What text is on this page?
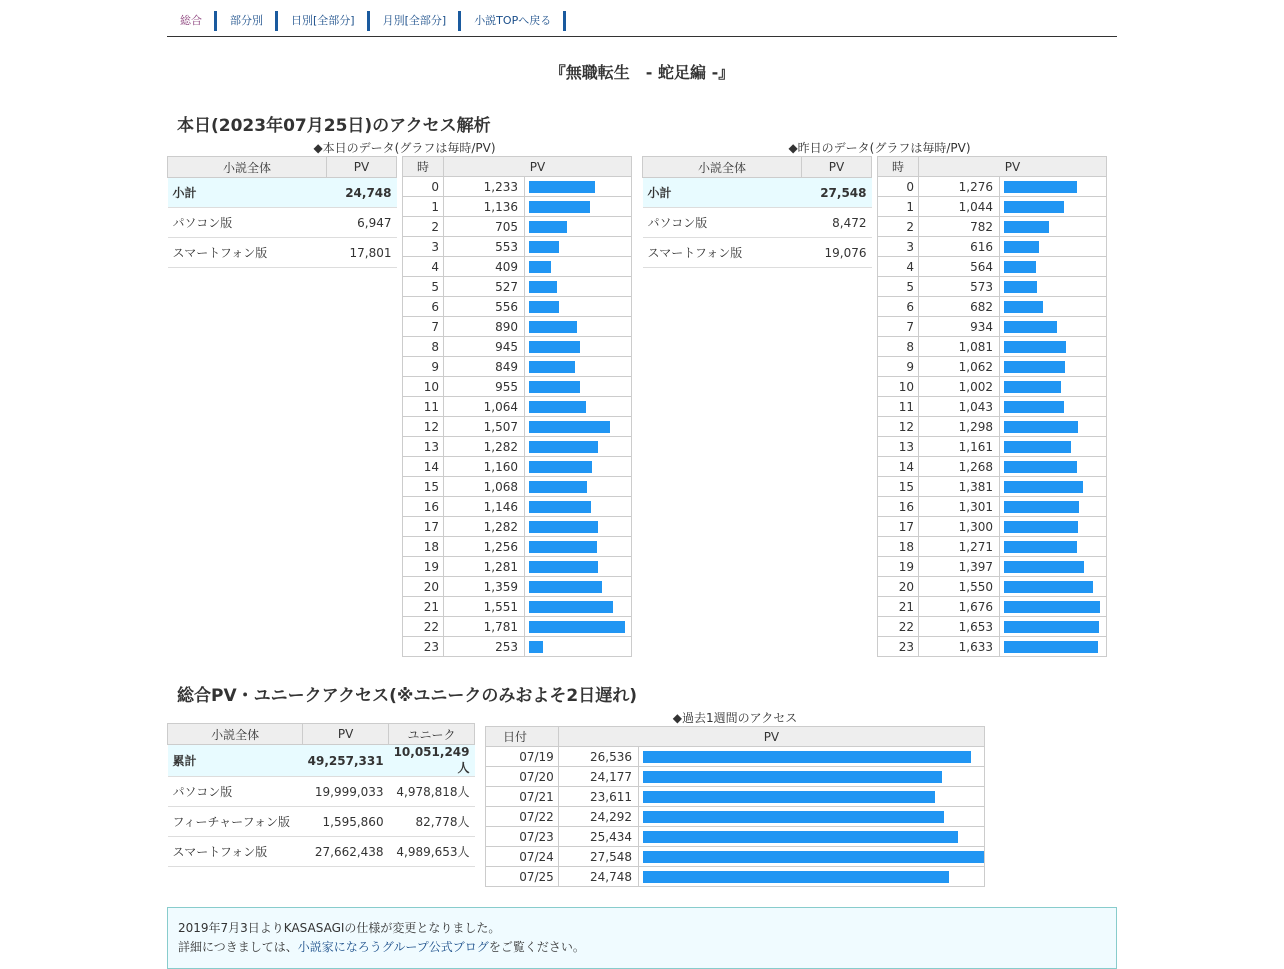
総合	部分別	日別[全部分]	月別[全部分]	小説TOPへ戻る
『無職転生　- 蛇足編 -』
本日(2023年07月25日)のアクセス解析
◆本日のデータ(グラフは毎時/PV)	◆昨日のデータ(グラフは毎時/PV)
小説全体	PV
小計	24,748
パソコン版	6,947
スマートフォン版	17,801
時	PV	
0	1,233	

1	1,136	

2	705	

3	553	

4	409	

5	527	

6	556	

7	890	

8	945	

9	849	

10	955	

11	1,064	

12	1,507	

13	1,282	

14	1,160	

15	1,068	

16	1,146	

17	1,282	

18	1,256	

19	1,281	

20	1,359	

21	1,551	

22	1,781	

23	253	
小説全体	PV
小計	27,548
パソコン版	8,472
スマートフォン版	19,076
時	PV	
0	1,276	

1	1,044	

2	782	

3	616	

4	564	

5	573	

6	682	

7	934	

8	1,081	

9	1,062	

10	1,002	

11	1,043	

12	1,298	

13	1,161	

14	1,268	

15	1,381	

16	1,301	

17	1,300	

18	1,271	

19	1,397	

20	1,550	

21	1,676	

22	1,653	

23	1,633	
総合PV・ユニークアクセス(※ユニークのみおよそ2日遅れ)
小説全体	PV	ユニーク
累計	49,257,331	10,051,249人
パソコン版	19,999,033	4,978,818人
フィーチャーフォン版	1,595,860	82,778人
スマートフォン版	27,662,438	4,989,653人
◆過去1週間のアクセス
日付	PV	
07/19	26,536	

07/20	24,177	

07/21	23,611	

07/22	24,292	

07/23	25,434	

07/24	27,548	

07/25	24,748	

2019年7月3日よりKASASAGIの仕様が変更となりました。

詳細につきましては、小説家になろうグループ公式ブログをご覧ください。
